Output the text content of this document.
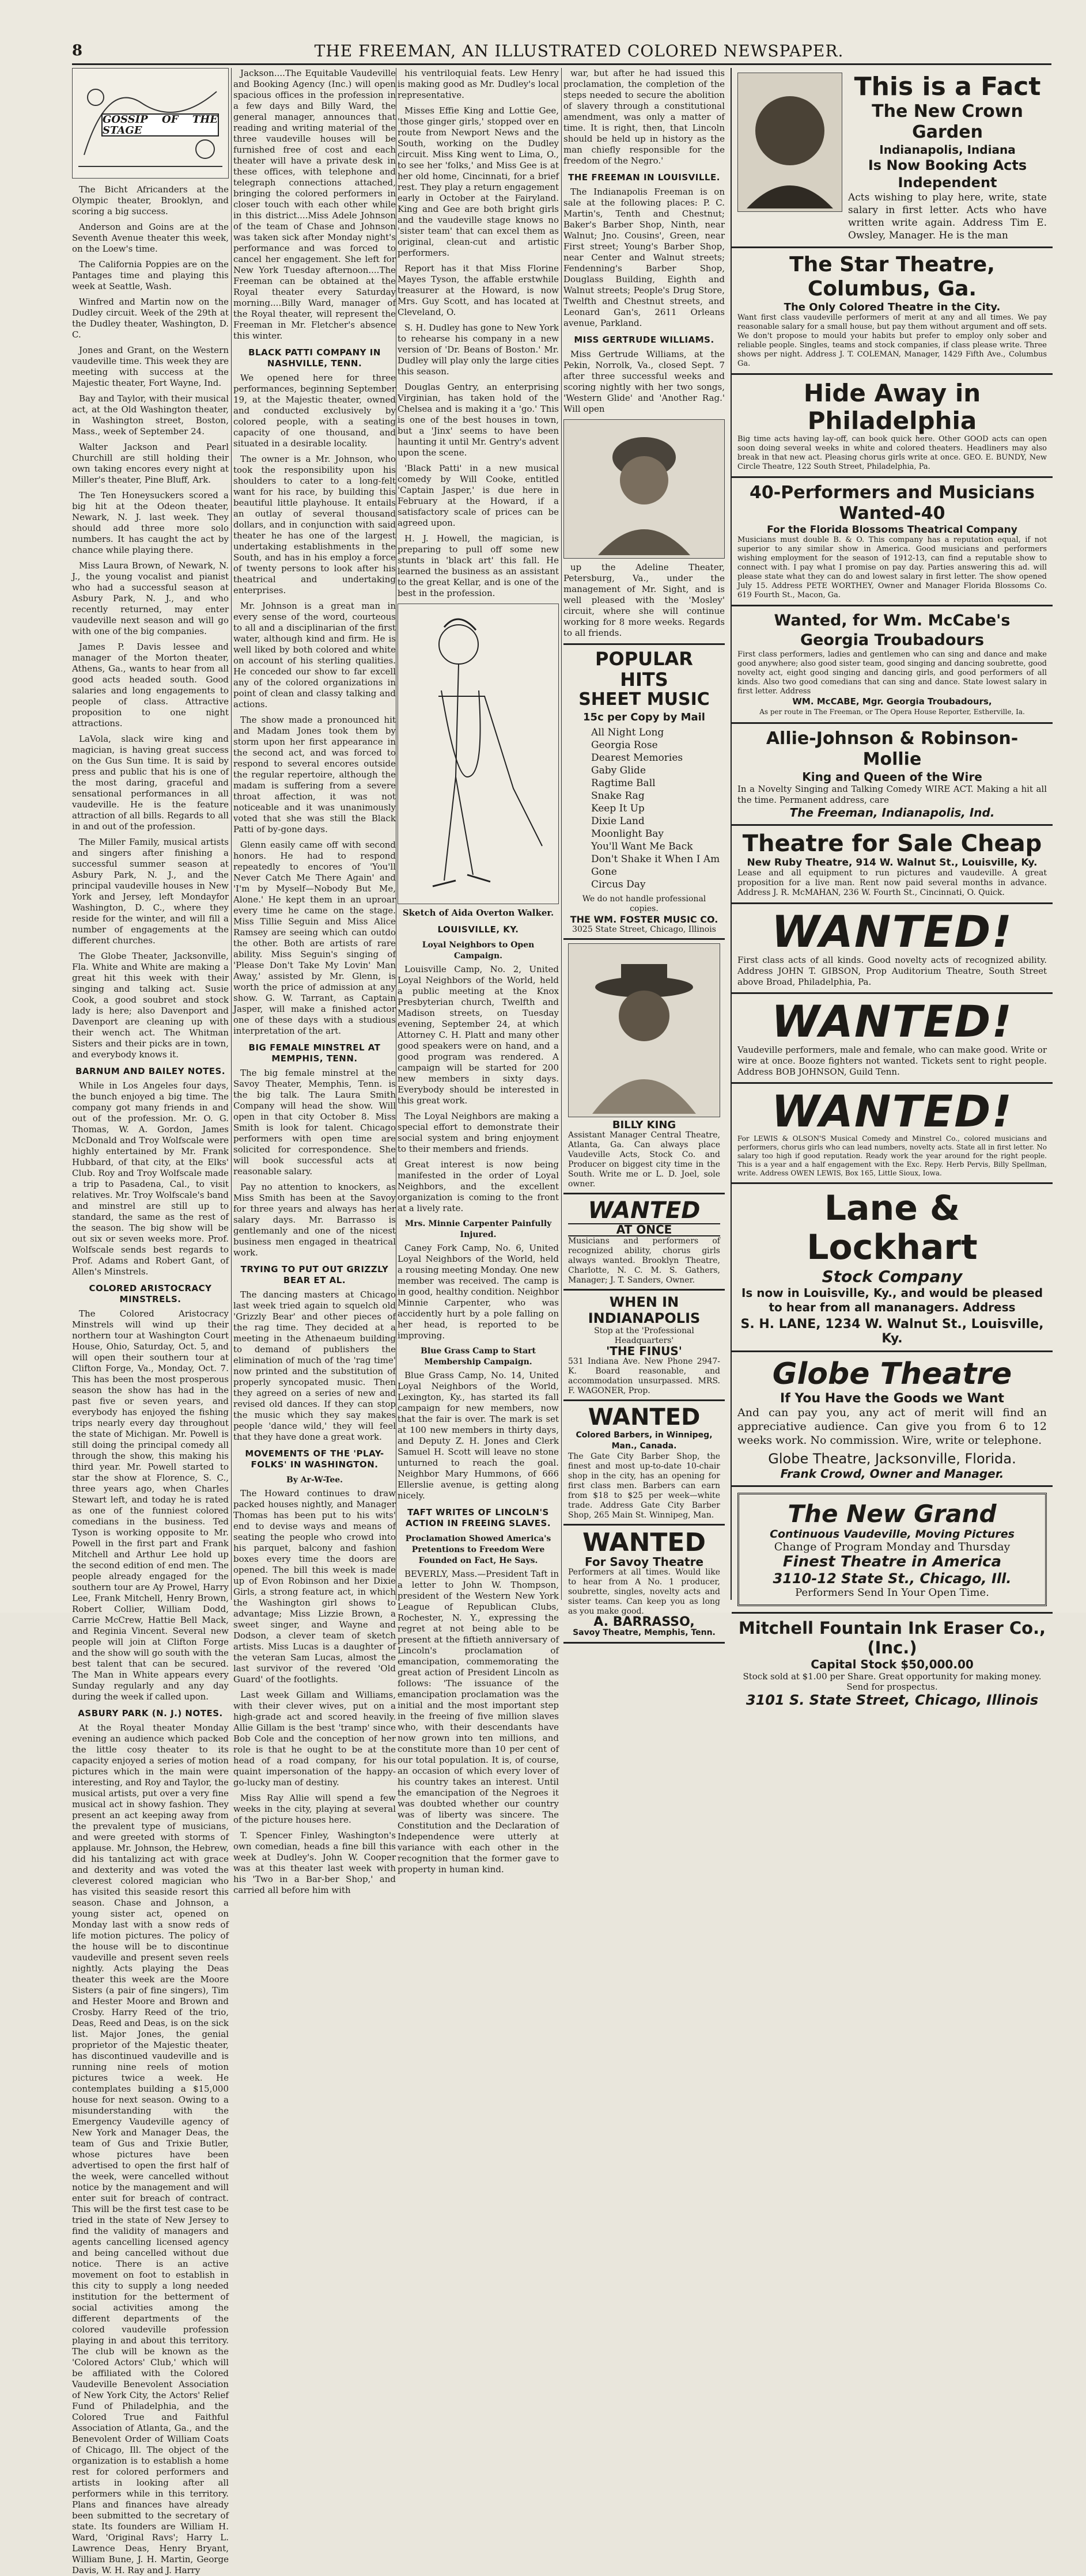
8	THE FREEMAN, AN ILLUSTRATED COLORED NEWSPAPER.
GOSSIP OF THE STAGE

The Bicht Africanders at the Olympic theater, Brooklyn, and scoring a big success.

Anderson and Goins are at the Seventh Avenue theater this week, on the Loew's time.

The California Poppies are on the Pantages time and playing this week at Seattle, Wash.

Winfred and Martin now on the Dudley circuit. Week of the 29th at the Dudley theater, Washington, D. C.

Jones and Grant, on the Western vaudeville time. This week they are meeting with success at the Majestic theater, Fort Wayne, Ind.

Bay and Taylor, with their musical act, at the Old Washington theater, in Washington street, Boston, Mass., week of September 24.

Walter Jackson and Pearl Churchill are still holding their own taking encores every night at Miller's theater, Pine Bluff, Ark.

The Ten Honeysuckers scored a big hit at the Odeon theater, Newark, N. J. last week. They should add three more solo numbers. It has caught the act by chance while playing there.

Miss Laura Brown, of Newark, N. J., the young vocalist and pianist who had a successful season at Asbury Park, N. J., and who recently returned, may enter vaudeville next season and will go with one of the big companies.

James P. Davis lessee and manager of the Morton theater, Athens, Ga., wants to hear from all good acts headed south. Good salaries and long engagements to people of class. Attractive proposition to one night attractions.

LaVola, slack wire king and magician, is having great success on the Gus Sun time. It is said by press and public that his is one of the most daring, graceful and sensational performances in all vaudeville. He is the feature attraction of all bills. Regards to all in and out of the profession.

The Miller Family, musical artists and singers after finishing a successful summer season at Asbury Park, N. J., and the principal vaudeville houses in New York and Jersey, left Mondayfor Washington, D. C., where they reside for the winter, and will fill a number of engagements at the different churches.

The Globe Theater, Jacksonville, Fla. White and White are making a great hit this week with their singing and talking act. Susie Cook, a good soubret and stock lady is here; also Davenport and Davenport are cleaning up with their wench act. The Whitman Sisters and their picks are in town, and everybody knows it.

BARNUM AND BAILEY NOTES.

While in Los Angeles four days, the bunch enjoyed a big time. The company got many friends in and out of the profession. Mr. O. G. Thomas, W. A. Gordon, James McDonald and Troy Wolfscale were highly entertained by Mr. Frank Hubbard, of that city, at the Elks' Club. Roy and Troy Wolfscale made a trip to Pasadena, Cal., to visit relatives. Mr. Troy Wolfscale's band and minstrel are still up to standard, the same as the rest of the season. The big show will be out six or seven weeks more. Prof. Wolfscale sends best regards to Prof. Adams and Robert Gant, of Allen's Minstrels.

COLORED ARISTOCRACY MINSTRELS.

The Colored Aristocracy Minstrels will wind up their northern tour at Washington Court House, Ohio, Saturday, Oct. 5, and will open their southern tour at Clifton Forge, Va., Monday, Oct. 7. This has been the most prosperous season the show has had in the past five or seven years, and everybody has enjoyed the fishing trips nearly every day throughout the state of Michigan. Mr. Powell is still doing the principal comedy all through the show, this making his third year. Mr. Powell started to star the show at Florence, S. C., three years ago, when Charles Stewart left, and today he is rated as one of the funniest colored comedians in the business. Ted Tyson is working opposite to Mr. Powell in the first part and Frank Mitchell and Arthur Lee hold up the second edition of end men. The people already engaged for the southern tour are Ay Prowel, Harry Lee, Frank Mitchell, Henry Brown, Robert Collier, William Dodd, Carrie McCrew, Hattie Bell Mack, and Reginia Vincent. Several new people will join at Clifton Forge and the show will go south with the best talent that can be secured. The Man in White appears every Sunday regularly and any day during the week if called upon.

ASBURY PARK (N. J.) NOTES.

At the Royal theater Monday evening an audience which packed the little cosy theater to its capacity enjoyed a series of motion pictures which in the main were interesting, and Roy and Taylor, the musical artists, put over a very fine musical act in showy fashion. They present an act keeping away from the prevalent type of musicians, and were greeted with storms of applause. Mr. Johnson, the Hebrew, did his tantalizing act with grace and dexterity and was voted the cleverest colored magician who has visited this seaside resort this season. Chase and Johnson, a young sister act, opened on Monday last with a snow reds of life motion pictures. The policy of the house will be to discontinue vaudeville and present seven reels nightly. Acts playing the Deas theater this week are the Moore Sisters (a pair of fine singers), Tim and Hester Moore and Brown and Crosby. Harry Reed of the trio, Deas, Reed and Deas, is on the sick list. Major Jones, the genial proprietor of the Majestic theater, has discontinued vaudeville and is running nine reels of motion pictures twice a week. He contemplates building a $15,000 house for next season. Owing to a misunderstanding with the Emergency Vaudeville agency of New York and Manager Deas, the team of Gus and Trixie Butler, whose pictures have been advertised to open the first half of the week, were cancelled without notice by the management and will enter suit for breach of contract. This will be the first test case to be tried in the state of New Jersey to find the validity of managers and agents cancelling licensed agency and being cancelled without due notice. There is an active movement on foot to establish in this city to supply a long needed institution for the betterment of social activities among the different departments of the colored vaudeville profession playing in and about this territory. The club will be known as the 'Colored Actors' Club,' which will be affiliated with the Colored Vaudeville Benevolent Association of New York City, the Actors' Relief Fund of Philadelphia, and the Colored True and Faithful Association of Atlanta, Ga., and the Benevolent Order of William Coats of Chicago, Ill. The object of the organization is to establish a home rest for colored performers and artists in looking after all performers while in this territory. Plans and finances have already been submitted to the secretary of state. Its founders are William H. Ward, 'Original Ravs'; Harry L. Lawrence Deas, Henry Bryant, William Bune, J. H. Martin, George Davis, W. H. Ray and J. Harry

Jackson....The Equitable Vaudeville and Booking Agency (Inc.) will open spacious offices in the profession in a few days and Billy Ward, the general manager, announces that reading and writing material of the three vaudeville houses will be furnished free of cost and each theater will have a private desk in these offices, with telephone and telegraph connections attached, bringing the colored performers in closer touch with each other while in this district....Miss Adele Johnson of the team of Chase and Johnson was taken sick after Monday night's performance and was forced to cancel her engagement. She left for New York Tuesday afternoon....The Freeman can be obtained at the Royal theater every Saturday morning....Billy Ward, manager of the Royal theater, will represent the Freeman in Mr. Fletcher's absence this winter.

BLACK PATTI COMPANY IN NASHVILLE, TENN.

We opened here for three performances, beginning September 19, at the Majestic theater, owned and conducted exclusively by colored people, with a seating capacity of one thousand, and situated in a desirable locality.

The owner is a Mr. Johnson, who took the responsibility upon his shoulders to cater to a long-felt want for his race, by building this beautiful little playhouse. It entails an outlay of several thousand dollars, and in conjunction with said theater he has one of the largest undertaking establishments in the South, and has in his employ a force of twenty persons to look after his theatrical and undertaking enterprises.

Mr. Johnson is a great man in every sense of the word, courteous to all and a disciplinarian of the first water, although kind and firm. He is well liked by both colored and white on account of his sterling qualities. He conceded our show to far excell any of the colored organizations in point of clean and classy talking and actions.

The show made a pronounced hit and Madam Jones took them by storm upon her first appearance in the second act, and was forced to respond to several encores outside the regular repertoire, although the madam is suffering from a severe throat affection, it was not noticeable and it was unanimously voted that she was still the Black Patti of by-gone days.

Glenn easily came off with second honors. He had to respond repeatedly to encores of 'You'll Never Catch Me There Again' and 'I'm by Myself—Nobody But Me, Alone.' He kept them in an uproar every time he came on the stage. Miss Tillie Seguin and Miss Alice Ramsey are seeing which can outdo the other. Both are artists of rare ability. Miss Seguin's singing of 'Please Don't Take My Lovin' Man Away,' assisted by Mr. Glenn, is worth the price of admission at any show. G. W. Tarrant, as Captain Jasper, will make a finished actor one of these days with a studious interpretation of the art.

BIG FEMALE MINSTREL AT MEMPHIS, TENN.

The big female minstrel at the Savoy Theater, Memphis, Tenn. is the big talk. The Laura Smith Company will head the show. Will open in that city October 8. Miss Smith is look for talent. Chicago performers with open time are solicited for correspondence. She will book successful acts at reasonable salary.

Pay no attention to knockers, as Miss Smith has been at the Savoy for three years and always has her salary days. Mr. Barrasso is gentlemanly and one of the nicest business men engaged in theatrical work.

TRYING TO PUT OUT GRIZZLY BEAR ET AL.

The dancing masters at Chicago last week tried again to squelch old 'Grizzly Bear' and other pieces of the rag time. They decided at a meeting in the Athenaeum building to demand of publishers the elimination of much of the 'rag time' now printed and the substitution of properly syncopated music. Then they agreed on a series of new and revised old dances. If they can stop the music which they say makes people 'dance wild,' they will feel that they have done a great work.

MOVEMENTS OF THE 'PLAY-FOLKS' IN WASHINGTON.
By Ar-W-Tee.

The Howard continues to draw packed houses nightly, and Manager Thomas has been put to his wits' end to devise ways and means of seating the people who crowd into his parquet, balcony and fashion boxes every time the doors are opened. The bill this week is made up of Evon Robinson and her Dixie Girls, a strong feature act, in which the Washington girl shows to advantage; Miss Lizzie Brown, a sweet singer, and Wayne and Dodson, a clever team of sketch artists. Miss Lucas is a daughter of the veteran Sam Lucas, almost the last survivor of the revered 'Old Guard' of the footlights.

Last week Gillam and Williams, with their clever wives, put on a high-grade act and scored heavily. Allie Gillam is the best 'tramp' since Bob Cole and the conception of her role is that he ought to be at the head of a road company, for his quaint impersonation of the happy-go-lucky man of destiny.

Miss Ray Allie will spend a few weeks in the city, playing at several of the picture houses here.

T. Spencer Finley, Washington's own comedian, heads a fine bill this week at Dudley's. John W. Cooper was at this theater last week with his 'Two in a Bar-ber Shop,' and carried all before him with

his ventriloquial feats. Lew Henry is making good as Mr. Dudley's local representative.

Misses Effie King and Lottie Gee, 'those ginger girls,' stopped over en route from Newport News and the South, working on the Dudley circuit. Miss King went to Lima, O., to see her 'folks,' and Miss Gee is at her old home, Cincinnati, for a brief rest. They play a return engagement early in October at the Fairyland. King and Gee are both bright girls and the vaudeville stage knows no 'sister team' that can excel them as original, clean-cut and artistic performers.

Report has it that Miss Florine Mayes Tyson, the affable erstwhile treasurer at the Howard, is now Mrs. Guy Scott, and has located at Cleveland, O.

S. H. Dudley has gone to New York to rehearse his company in a new version of 'Dr. Beans of Boston.' Mr. Dudley will play only the large cities this season.

Douglas Gentry, an enterprising Virginian, has taken hold of the Chelsea and is making it a 'go.' This is one of the best houses in town, but a 'Jinx' seems to have been haunting it until Mr. Gentry's advent upon the scene.

'Black Patti' in a new musical comedy by Will Cooke, entitled 'Captain Jasper,' is due here in February at the Howard, if a satisfactory scale of prices can be agreed upon.

H. J. Howell, the magician, is preparing to pull off some new stunts in 'black art' this fall. He learned the business as an assistant to the great Kellar, and is one of the best in the profession.

Sketch of Aida Overton Walker.
LOUISVILLE, KY.
Loyal Neighbors to Open Campaign.

Louisville Camp, No. 2, United Loyal Neighbors of the World, held a public meeting at the Knox Presbyterian church, Twelfth and Madison streets, on Tuesday evening, September 24, at which Attorney C. H. Platt and many other good speakers were on hand, and a good program was rendered. A campaign will be started for 200 new members in sixty days. Everybody should be interested in this great work.

The Loyal Neighbors are making a special effort to demonstrate their social system and bring enjoyment to their members and friends.

Great interest is now being manifested in the order of Loyal Neighbors, and the excellent organization is coming to the front at a lively rate.

Mrs. Minnie Carpenter Painfully Injured.

Caney Fork Camp, No. 6, United Loyal Neighbors of the World, held a rousing meeting Monday. One new member was received. The camp is in good, healthy condition. Neighbor Minnie Carpenter, who was accidently hurt by a pole falling on her head, is reported to be improving.

Blue Grass Camp to Start Membership Campaign.

Blue Grass Camp, No. 14, United Loyal Neighbors of the World, Lexington, Ky., has started its fall campaign for new members, now that the fair is over. The mark is set at 100 new members in thirty days, and Deputy Z. H. Jones and Clerk Samuel H. Scott will leave no stone unturned to reach the goal. Neighbor Mary Hummons, of 666 Ellerslie avenue, is getting along nicely.

TAFT WRITES OF LINCOLN'S ACTION IN FREEING SLAVES.
Proclamation Showed America's Pretentions to Freedom Were Founded on Fact, He Says.

BEVERLY, Mass.—President Taft in a letter to John W. Thompson, president of the Western New York League of Republican Clubs, Rochester, N. Y., expressing the regret at not being able to be present at the fiftieth anniversary of Lincoln's proclamation of emancipation, commemorating the great action of President Lincoln as follows: 'The issuance of the emancipation proclamation was the initial and the most important step in the freeing of five million slaves who, with their descendants have now grown into ten millions, and constitute more than 10 per cent of our total population. It is, of course, an occasion of which every lover of his country takes an interest. Until the emancipation of the Negroes it was doubted whether our country was of liberty was sincere. The Constitution and the Declaration of Independence were utterly at variance with each other in the recognition that the former gave to property in human kind.

war, but after he had issued this proclamation, the completion of the steps needed to secure the abolition of slavery through a constitutional amendment, was only a matter of time. It is right, then, that Lincoln should be held up in history as the man chiefly responsible for the freedom of the Negro.'

THE FREEMAN IN LOUISVILLE.

The Indianapolis Freeman is on sale at the following places: P. C. Martin's, Tenth and Chestnut; Baker's Barber Shop, Ninth, near Walnut; Jno. Cousins', Green, near First street; Young's Barber Shop, near Center and Walnut streets; Fendenning's Barber Shop, Douglass Building, Eighth and Walnut streets; People's Drug Store, Twelfth and Chestnut streets, and Leonard Gan's, 2611 Orleans avenue, Parkland.

MISS GERTRUDE WILLIAMS.

Miss Gertrude Williams, at the Pekin, Norrolk, Va., closed Sept. 7 after three successful weeks and scoring nightly with her two songs, 'Western Glide' and 'Another Rag.' Will open

up the Adeline Theater, Petersburg, Va., under the management of Mr. Sight, and is well pleased with the 'Mosley' circuit, where she will continue working for 8 more weeks. Regards to all friends.

POPULAR HITS
SHEET MUSIC
15c per Copy by Mail
All Night Long
Georgia Rose
Dearest Memories
Gaby Glide
Ragtime Ball
Snake Rag
Keep It Up
Dixie Land
Moonlight Bay
You'll Want Me Back
Don't Shake it When I Am Gone
Circus Day
We do not handle professional copies.
THE WM. FOSTER MUSIC CO.
3025 State Street, Chicago, Illinois
BILLY KING
Assistant Manager Central Theatre, Atlanta, Ga. Can always place Vaudeville Acts, Stock Co. and Producer on biggest city time in the South. Write me or L. D. Joel, sole owner.
WANTED
AT ONCE
Musicians and performers of recognized ability, chorus girls always wanted. Brooklyn Theatre, Charlotte, N. C. M. S. Gathers, Manager; J. T. Sanders, Owner.
WHEN IN INDIANAPOLIS
Stop at the 'Professional Headquarters'
'THE FINUS'
531 Indiana Ave. New Phone 2947-K. Board reasonable, and accommodation unsurpassed. MRS. F. WAGONER, Prop.
WANTED
Colored Barbers, in Winnipeg, Man., Canada.
The Gate City Barber Shop, the finest and most up-to-date 10-chair shop in the city, has an opening for first class men. Barbers can earn from $18 to $25 per week—white trade. Address Gate City Barber Shop, 265 Main St. Winnipeg, Man.
WANTED
For Savoy Theatre
Performers at all times. Would like to hear from A No. 1 producer, soubrette, singles, novelty acts and sister teams. Can keep you as long as you make good.
A. BARRASSO,
Savoy Theatre, Memphis, Tenn.
This is a Fact
The New Crown Garden
Indianapolis, Indiana
Is Now Booking Acts Independent
Acts wishing to play here, write, state salary in first letter. Acts who have written write again. Address Tim E. Owsley, Manager. He is the man
The Star Theatre, Columbus, Ga.
The Only Colored Theatre in the City.
Want first class vaudeville performers of merit at any and all times. We pay reasonable salary for a small house, but pay them without argument and off sets. We don't propose to mould your habits but prefer to employ only sober and reliable people. Singles, teams and stock companies, if class please write. Three shows per night. Address J. T. COLEMAN, Manager, 1429 Fifth Ave., Columbus Ga.
Hide Away in Philadelphia
Big time acts having lay-off, can book quick here. Other GOOD acts can open soon doing several weeks in white and colored theaters. Headliners may also break in that new act. Pleasing chorus girls write at once. GEO. E. BUNDY, New Circle Theatre, 122 South Street, Philadelphia, Pa.
40-Performers and Musicians Wanted-40
For the Florida Blossoms Theatrical Company
Musicians must double B. & O. This company has a reputation equal, if not superior to any similar show in America. Good musicians and performers wishing employment for the season of 1912-13, can find a reputable show to connect with. I pay what I promise on pay day. Parties answering this ad. will please state what they can do and lowest salary in first letter. The show opened July 15. Address PETE WORTHEY, Owner and Manager Florida Blossoms Co. 619 Fourth St., Macon, Ga.
Wanted, for Wm. McCabe's Georgia Troubadours
First class performers, ladies and gentlemen who can sing and dance and make good anywhere; also good sister team, good singing and dancing soubrette, good novelty act, eight good singing and dancing girls, and good performers of all kinds. Also two good comedians that can sing and dance. State lowest salary in first letter. Address
WM. McCABE, Mgr. Georgia Troubadours,
As per route in The Freeman, or The Opera House Reporter, Estherville, Ia.
Allie-Johnson & Robinson-Mollie
King and Queen of the Wire
In a Novelty Singing and Talking Comedy WIRE ACT. Making a hit all the time. Permanent address, care
The Freeman, Indianapolis, Ind.
Theatre for Sale Cheap
New Ruby Theatre, 914 W. Walnut St., Louisville, Ky.
Lease and all equipment to run pictures and vaudeville. A great proposition for a live man. Rent now paid several months in advance. Address J. R. McMAHAN, 236 W. Fourth St., Cincinnati, O. Quick.
WANTED!
First class acts of all kinds. Good novelty acts of recognized ability. Address JOHN T. GIBSON, Prop Auditorium Theatre, South Street above Broad, Philadelphia, Pa.
WANTED!
Vaudeville performers, male and female, who can make good. Write or wire at once. Booze fighters not wanted. Tickets sent to right people. Address BOB JOHNSON, Guild Tenn.
WANTED!
For LEWIS & OLSON'S Musical Comedy and Minstrel Co., colored musicians and performers, chorus girls who can lead numbers, novelty acts. State all in first letter. No salary too high if good reputation. Ready work the year around for the right people. This is a year and a half engagement with the Exc. Repy. Herb Pervis, Billy Spellman, write. Address OWEN LEWIS, Box 165, Little Sioux, Iowa.
Lane & Lockhart
Stock Company
Is now in Louisville, Ky., and would be pleased to hear from all mananagers. Address
S. H. LANE, 1234 W. Walnut St., Louisville, Ky.
Globe Theatre
If You Have the Goods we Want
And can pay you, any act of merit will find an appreciative audience. Can give you from 6 to 12 weeks work. No commission. Wire, write or telephone.
Globe Theatre, Jacksonville, Florida.
Frank Crowd, Owner and Manager.
The New Grand
Continuous Vaudeville, Moving Pictures
Change of Program Monday and Thursday
Finest Theatre in America
3110-12 State St., Chicago, Ill.
Performers Send In Your Open Time.
Mitchell Fountain Ink Eraser Co., (Inc.)
Capital Stock $50,000.00
Stock sold at $1.00 per Share. Great opportunity for making money. Send for prospectus.
3101 S. State Street, Chicago, Illinois
